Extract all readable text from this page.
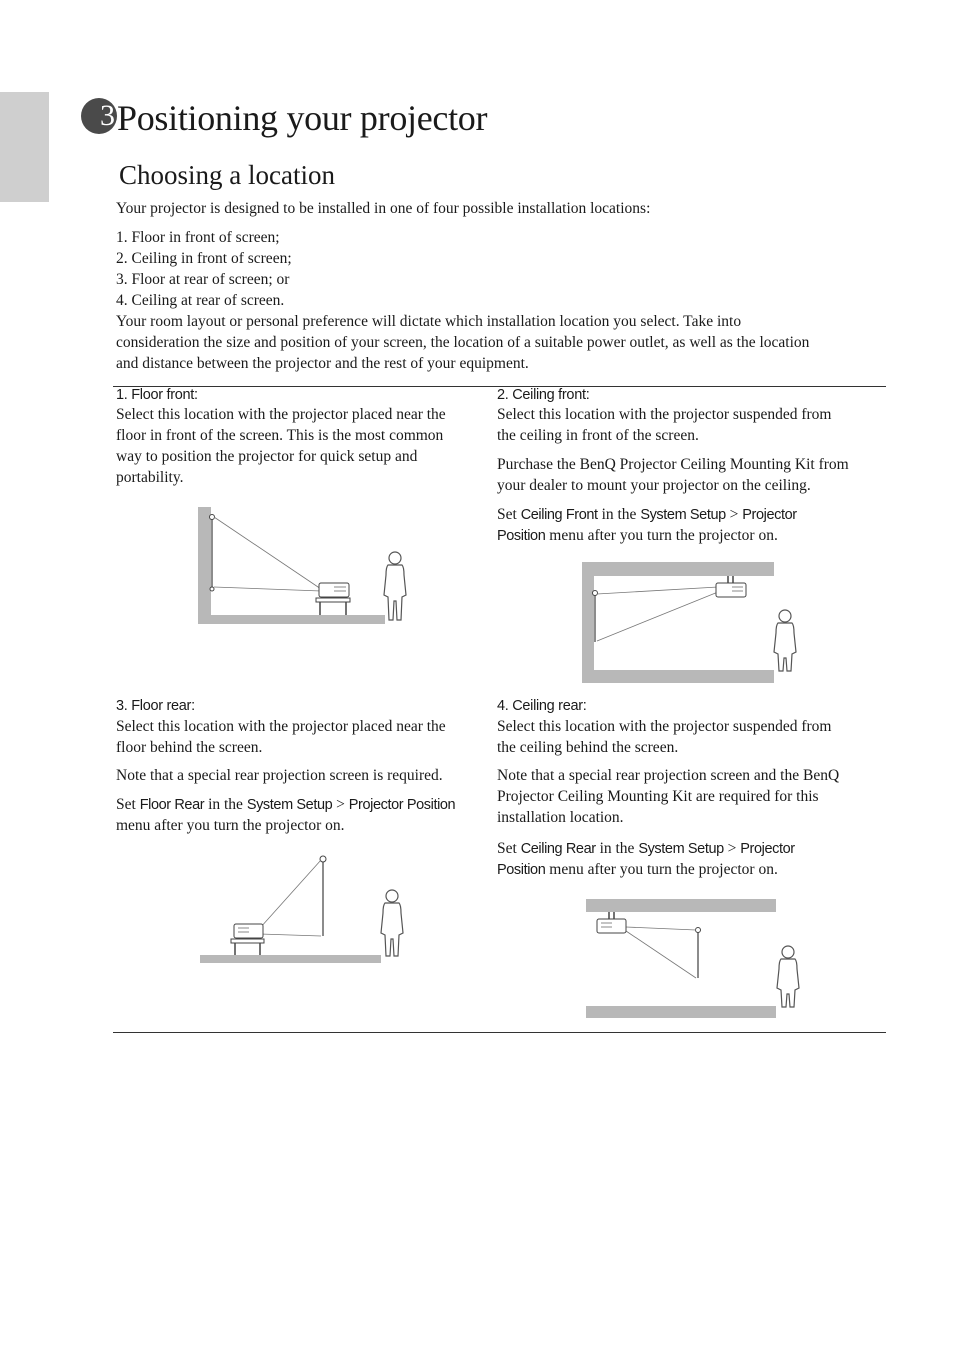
3 Positioning your projector
Choosing a location

Your projector is designed to be installed in one of four possible installation locations:

1. Floor in front of screen;
2. Ceiling in front of screen;
3. Floor at rear of screen; or
4. Ceiling at rear of screen.

Your room layout or personal preference will dictate which installation location you select. Take into

consideration the size and position of your screen, the location of a suitable power outlet, as well as the location

and distance between the projector and the rest of your equipment.

1. Floor front:

Select this location with the projector placed near the

floor in front of the screen. This is the most common

way to position the projector for quick setup and

portability.

2. Ceiling front:

Select this location with the projector suspended from

the ceiling in front of the screen.

Purchase the BenQ Projector Ceiling Mounting Kit from

your dealer to mount your projector on the ceiling.

Set Ceiling Front in the System Setup > Projector

Position menu after you turn the projector on.

3. Floor rear:

Select this location with the projector placed near the

floor behind the screen.

Note that a special rear projection screen is required.

Set Floor Rear in the System Setup > Projector Position

menu after you turn the projector on.

4. Ceiling rear:

Select this location with the projector suspended from

the ceiling behind the screen.

Note that a special rear projection screen and the BenQ

Projector Ceiling Mounting Kit are required for this

installation location.

Set Ceiling Rear in the System Setup > Projector

Position menu after you turn the projector on.
